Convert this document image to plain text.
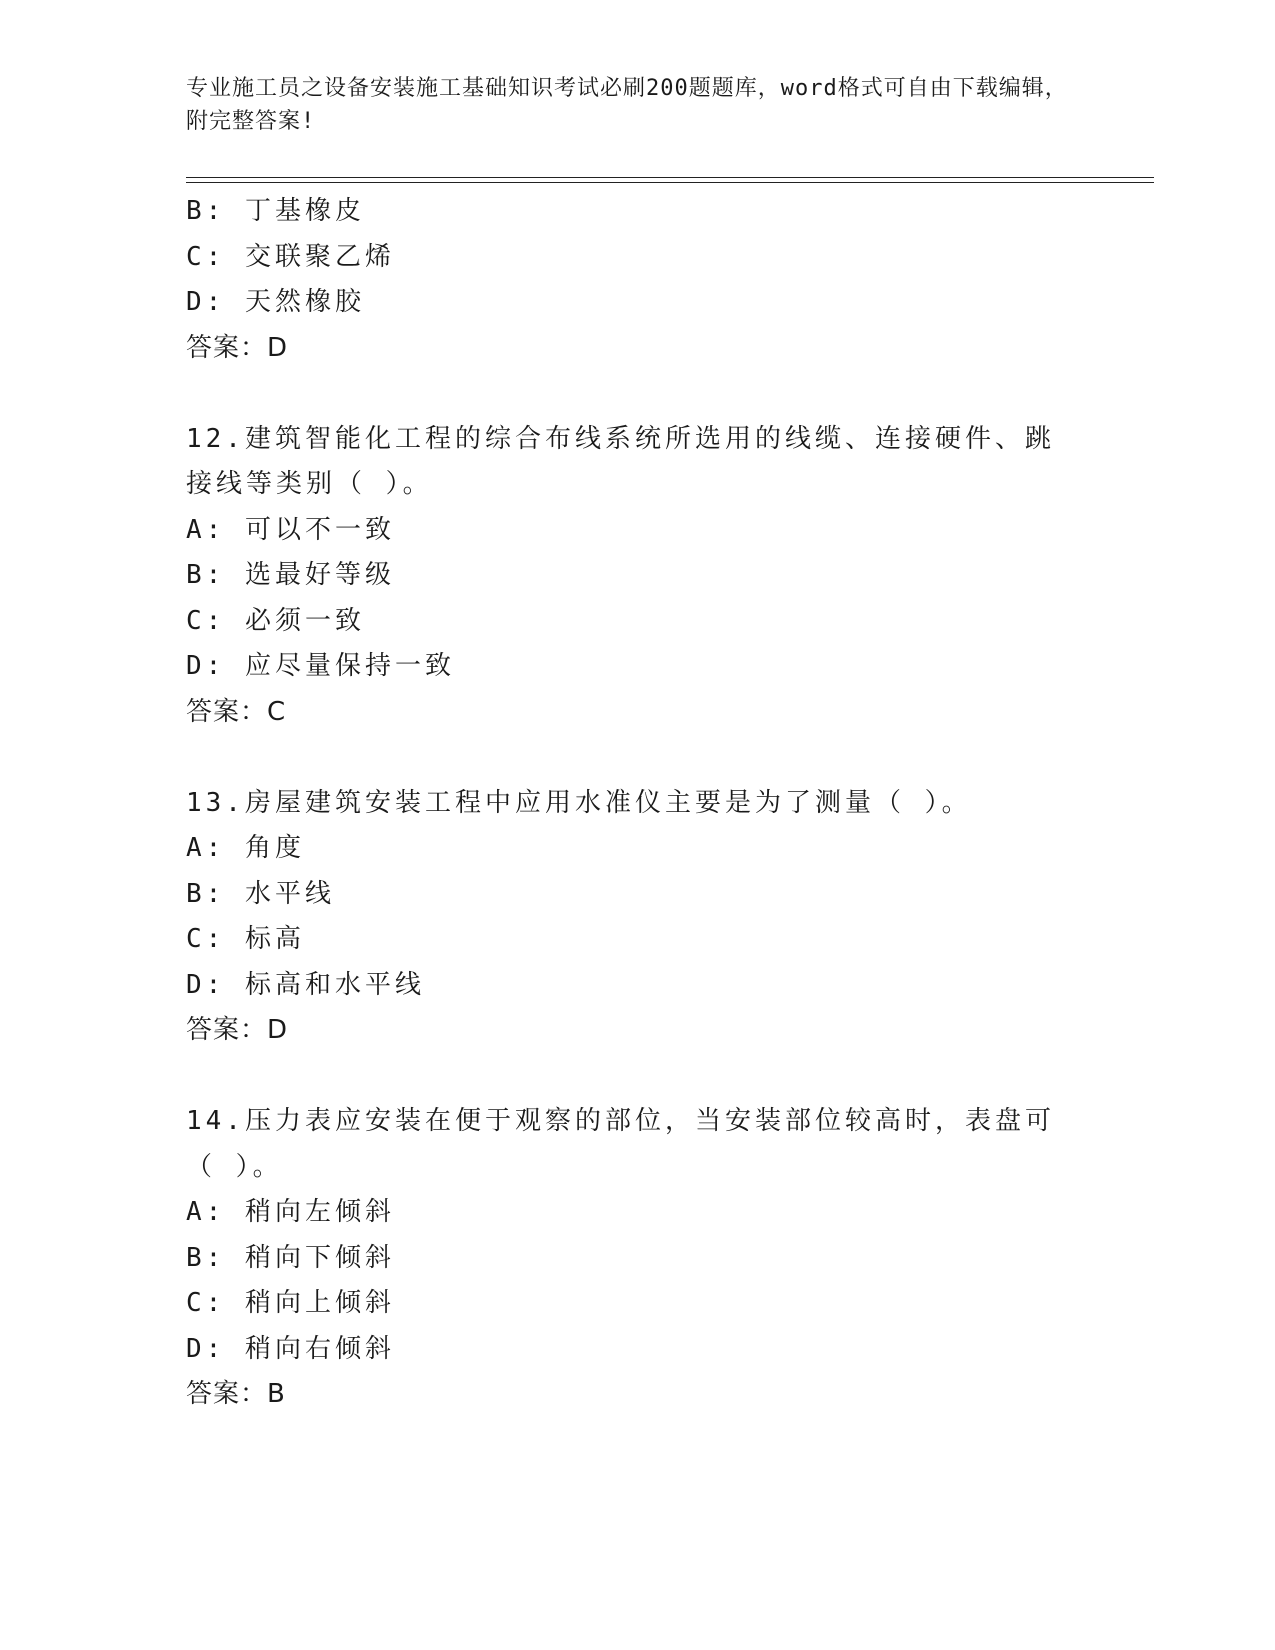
专业施工员之设备安装施工基础知识考试必刷200题题库，word格式可自由下载编辑，附完整答案!
B: 丁基橡皮
C: 交联聚乙烯
D: 天然橡胶
答案：D
12.建筑智能化工程的综合布线系统所选用的线缆、连接硬件、跳接线等类别（ ）。
A: 可以不一致
B: 选最好等级
C: 必须一致
D: 应尽量保持一致
答案：C
13.房屋建筑安装工程中应用水准仪主要是为了测量（ ）。
A: 角度
B: 水平线
C: 标高
D: 标高和水平线
答案：D
14.压力表应安装在便于观察的部位，当安装部位较高时，表盘可（ ）。
A: 稍向左倾斜
B: 稍向下倾斜
C: 稍向上倾斜
D: 稍向右倾斜
答案：B
